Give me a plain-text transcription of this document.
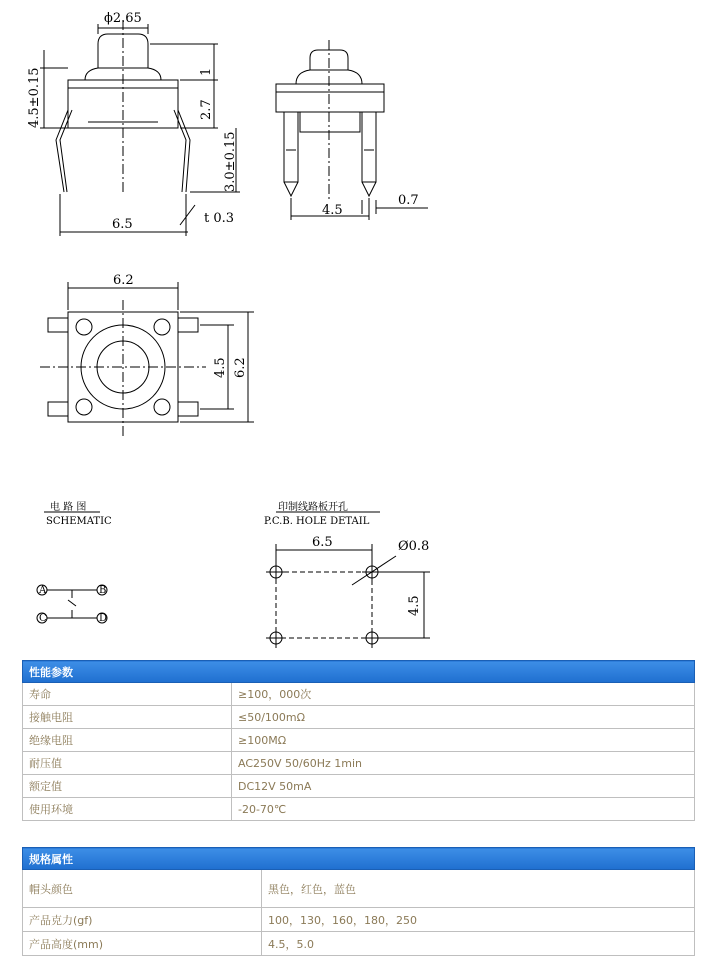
ϕ2.65
4.5±0.15	1
2.7
3.0±0.15
6.5	t 0.3
4.5
0.7
6.2
4.5 6.2
电 路 图
SCHEMATIC
A	B
C	D
印制线路板开孔
P.C.B. HOLE DETAIL
6.5	Ø0.8
4.5
性能参数	
寿命	≥100，000次
接触电阻	≤50/100mΩ
绝缘电阻	≥100MΩ
耐压值	AC250V 50/60Hz 1min
额定值	DC12V 50mA
使用环境	-20-70℃
规格属性	
帽头颜色	黑色，红色，蓝色
产品克力(gf)	100，130，160，180，250
产品高度(mm)	4.5，5.0
